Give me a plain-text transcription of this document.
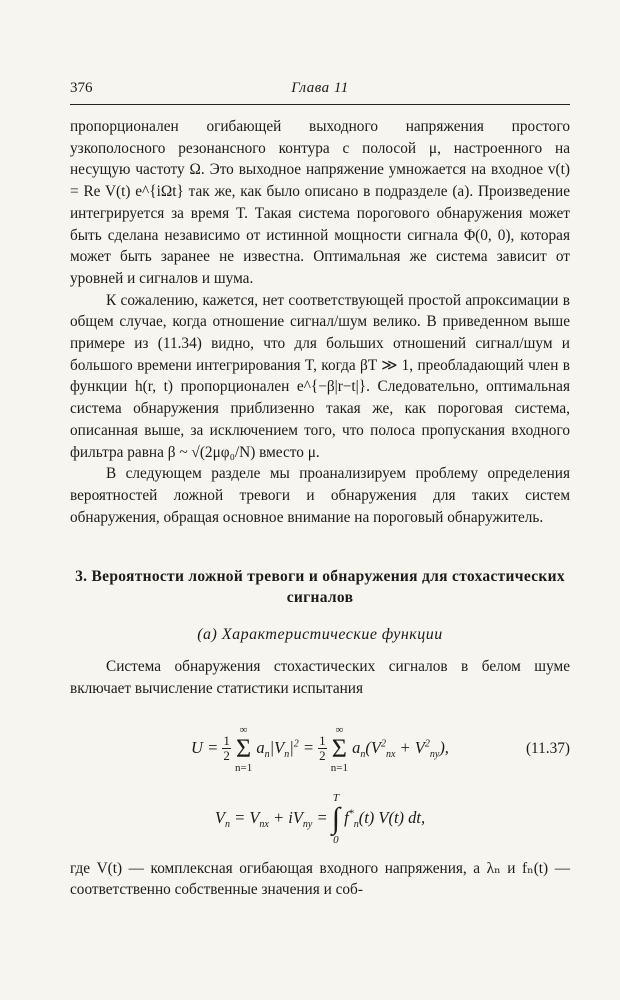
376	Глава 11

пропорционален огибающей выходного напряжения простого узкополосного резонансного контура с полосой μ, настроенного на несущую частоту Ω. Это выходное напряжение умножается на входное v(t) = Re V(t) e^{iΩt} так же, как было описано в подразделе (а). Произведение интегрируется за время T. Такая система порогового обнаружения может быть сделана независимо от истинной мощности сигнала Φ(0, 0), которая может быть заранее не известна. Оптимальная же система зависит от уровней и сигналов и шума.

К сожалению, кажется, нет соответствующей простой апроксимации в общем случае, когда отношение сигнал/шум велико. В приведенном выше примере из (11.34) видно, что для больших отношений сигнал/шум и большого времени интегрирования T, когда βT ≫ 1, преобладающий член в функции h(r, t) пропорционален e^{−β|r−t|}. Следовательно, оптимальная система обнаружения приблизенно такая же, как пороговая система, описанная выше, за исключением того, что полоса пропускания входного фильтра равна β ~ √(2μφ₀/N) вместо μ.

В следующем разделе мы проанализируем проблему определения вероятностей ложной тревоги и обнаружения для таких систем обнаружения, обращая основное внимание на пороговый обнаружитель.

3. Вероятности ложной тревоги и обнаружения для стохастических сигналов
(а) Характеристические функции

Система обнаружения стохастических сигналов в белом шуме включает вычисление статистики испытания

$U = \frac{1}{2}$
∞
Σ
n=1 $a_n|V_n|^2 = \frac{1}{2}$
∞
Σ
n=1 $a_n(V^2_{nx} + V^2_{ny})$,	(11.37)
$V_n = V_{nx} + iV_{ny} = T$
∫
0 $f^*_n(t)$ V(t) dt,

где V(t) — комплексная огибающая входного напряжения, а λₙ и fₙ(t) — соответственно собственные значения и соб-
